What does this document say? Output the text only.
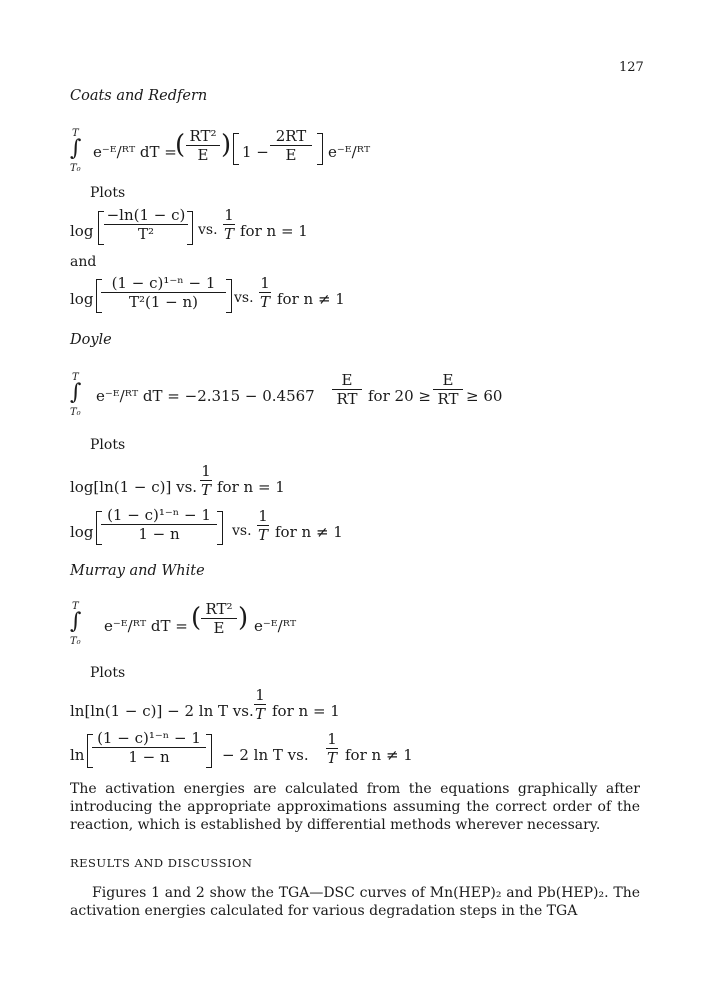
127
Coats and Redfern
T
∫
T₀
e⁻ᴱ/ᴿᵀ dT =
( RT²
E ) 1 −
2RT
E	e⁻ᴱ/ᴿᵀ
Plots
log
−ln(1 − c)
T²	vs.
1
T for n = 1
and
log
(1 − c)¹⁻ⁿ − 1
T²(1 − n)	vs.
1
T for n ≠ 1
Doyle
T
∫
T₀
e⁻ᴱ/ᴿᵀ dT = −2.315 − 0.4567
E
RT for 20 ≥
E
RT ≥ 60
Plots
log[ln(1 − c)] vs.
1
T for n = 1
log
(1 − c)¹⁻ⁿ − 1
1 − n	vs.
1
T for n ≠ 1
Murray and White
T
∫
T₀
e⁻ᴱ/ᴿᵀ dT = ( RT²
E ) e⁻ᴱ/ᴿᵀ
Plots
ln[ln(1 − c)] − 2 ln T vs.
1
T for n = 1
ln
(1 − c)¹⁻ⁿ − 1
1 − n	− 2 ln T vs.
1
T for n ≠ 1
The activation energies are calculated from the equations graphically after introducing the appropriate approximations assuming the correct order of the reaction, which is established by differential methods wherever necessary.
RESULTS AND DISCUSSION
Figures 1 and 2 show the TGA—DSC curves of Mn(HEP)₂ and Pb(HEP)₂. The activation energies calculated for various degradation steps in the TGA
